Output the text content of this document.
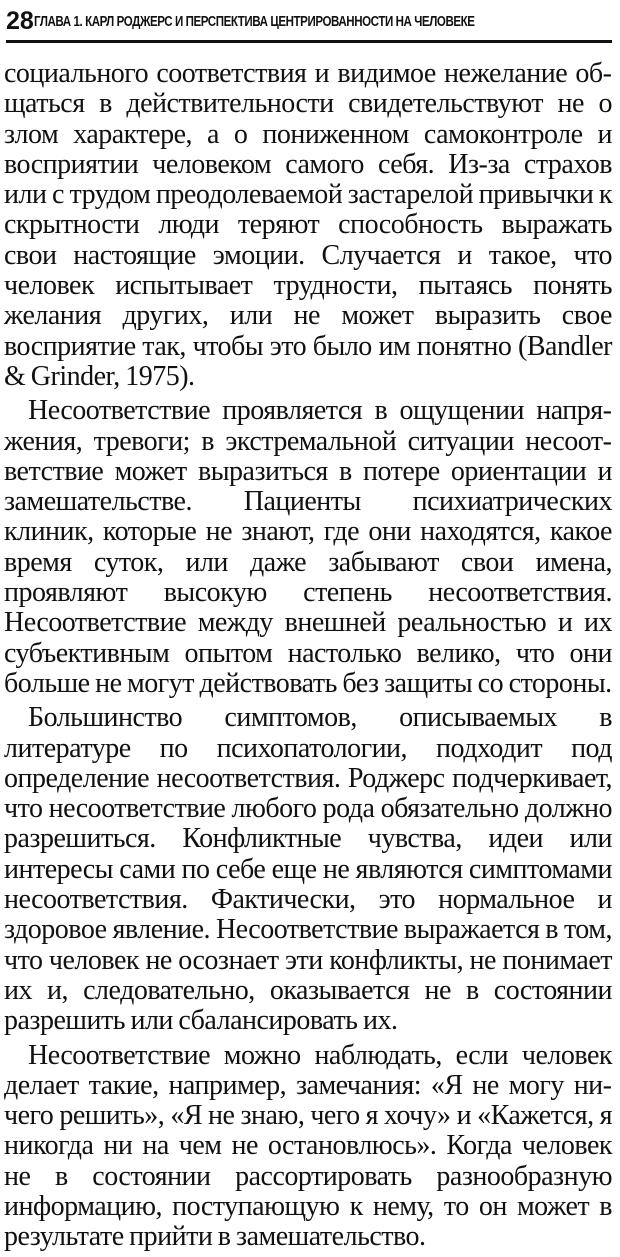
28 ГЛАВА 1. КАРЛ РОДЖЕРС И ПЕРСПЕКТИВА ЦЕНТРИРОВАННОСТИ НА ЧЕЛОВЕКЕ

социального соответствия и видимое нежелание общаться в действительности свидетельствуют не о злом характере, а о пониженном самоконтроле и восприятии человеком самого себя. Из-за страхов или с трудом преодолеваемой застарелой привычки к скрытности люди теряют способность выражать свои настоящие эмоции. Случается и такое, что человек испытывает трудности, пытаясь понять желания других, или не может выразить свое восприятие так, чтобы это было им понятно (Bandler & Grinder, 1975).

Несоответствие проявляется в ощущении напряжения, тревоги; в экстремальной ситуации несоответствие может выразиться в потере ориентации и замешательстве. Пациенты психиатрических клиник, которые не знают, где они находятся, какое время суток, или даже забывают свои имена, проявляют высокую степень несоответствия. Несоответствие между внешней реальностью и их субъективным опытом настолько велико, что они больше не могут действовать без защиты со стороны.

Большинство симптомов, описываемых в литературе по психопатологии, подходит под определение несоответствия. Роджерс подчеркивает, что несоответствие любого рода обязательно должно разрешиться. Конфликтные чувства, идеи или интересы сами по себе еще не являются симптомами несоответствия. Фактически, это нормальное и здоровое явление. Несоответствие выражается в том, что человек не осознает эти конфликты, не понимает их и, следовательно, оказывается не в состоянии разрешить или сбалансировать их.

Несоответствие можно наблюдать, если человек делает такие, например, замечания: «Я не могу ничего решить», «Я не знаю, чего я хочу» и «Кажется, я никогда ни на чем не остановлюсь». Когда человек не в состоянии рассортировать разнообразную информацию, поступающую к нему, то он может в результате прийти в замешательство.
